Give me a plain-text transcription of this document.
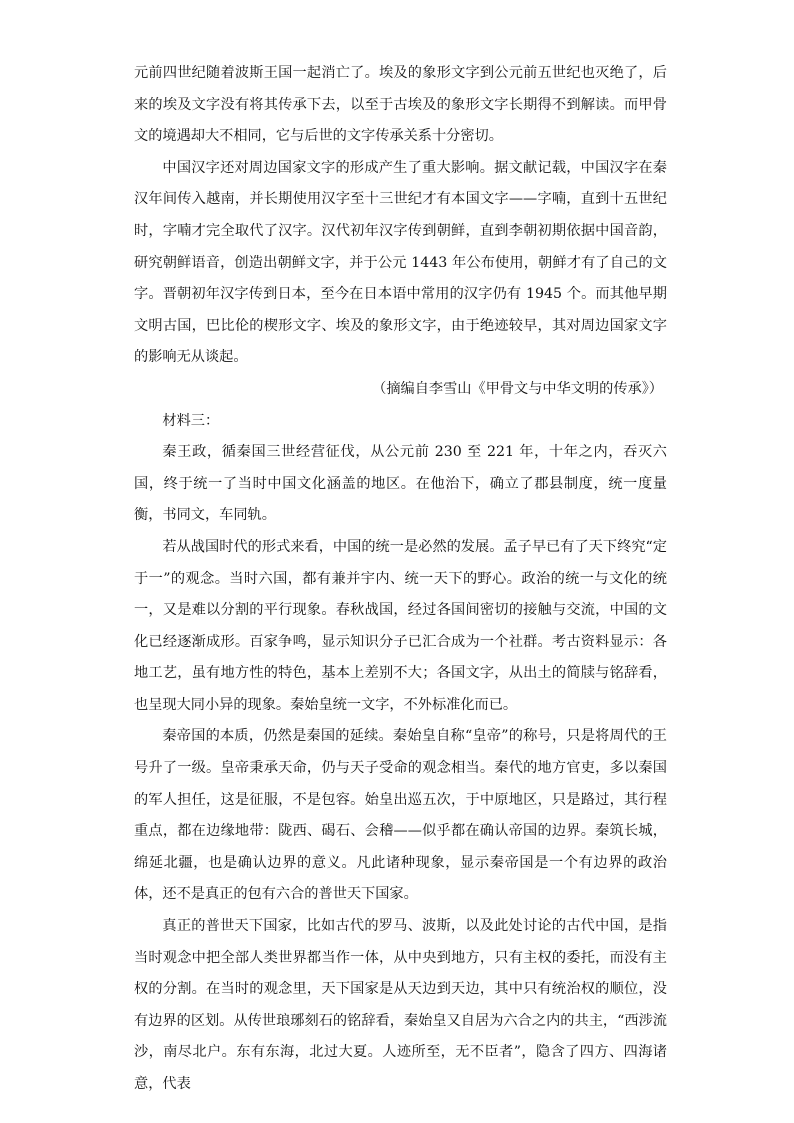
元前四世纪随着波斯王国一起消亡了。埃及的象形文字到公元前五世纪也灭绝了，后来的埃及文字没有将其传承下去，以至于古埃及的象形文字长期得不到解读。而甲骨文的境遇却大不相同，它与后世的文字传承关系十分密切。

中国汉字还对周边国家文字的形成产生了重大影响。据文献记载，中国汉字在秦汉年间传入越南，并长期使用汉字至十三世纪才有本国文字——字喃，直到十五世纪时，字喃才完全取代了汉字。汉代初年汉字传到朝鲜，直到李朝初期依据中国音韵，研究朝鲜语音，创造出朝鲜文字，并于公元 1443 年公布使用，朝鲜才有了自己的文字。晋朝初年汉字传到日本，至今在日本语中常用的汉字仍有 1945 个。而其他早期文明古国，巴比伦的楔形文字、埃及的象形文字，由于绝迹较早，其对周边国家文字的影响无从谈起。

（摘编自李雪山《甲骨文与中华文明的传承》）

材料三：

秦王政，循秦国三世经营征伐，从公元前 230 至 221 年，十年之内，吞灭六国，终于统一了当时中国文化涵盖的地区。在他治下，确立了郡县制度，统一度量衡，书同文，车同轨。

若从战国时代的形式来看，中国的统一是必然的发展。孟子早已有了天下终究“定于一”的观念。当时六国，都有兼并宇内、统一天下的野心。政治的统一与文化的统一，又是难以分割的平行现象。春秋战国，经过各国间密切的接触与交流，中国的文化已经逐渐成形。百家争鸣，显示知识分子已汇合成为一个社群。考古资料显示：各地工艺，虽有地方性的特色，基本上差别不大；各国文字，从出土的简牍与铭辞看，也呈现大同小异的现象。秦始皇统一文字，不外标准化而已。

秦帝国的本质，仍然是秦国的延续。秦始皇自称“皇帝”的称号，只是将周代的王号升了一级。皇帝秉承天命，仍与天子受命的观念相当。秦代的地方官吏，多以秦国的军人担任，这是征服，不是包容。始皇出巡五次，于中原地区，只是路过，其行程重点，都在边缘地带：陇西、碣石、会稽——似乎都在确认帝国的边界。秦筑长城，绵延北疆，也是确认边界的意义。凡此诸种现象，显示秦帝国是一个有边界的政治体，还不是真正的包有六合的普世天下国家。

真正的普世天下国家，比如古代的罗马、波斯，以及此处讨论的古代中国，是指当时观念中把全部人类世界都当作一体，从中央到地方，只有主权的委托，而没有主权的分割。在当时的观念里，天下国家是从天边到天边，其中只有统治权的顺位，没有边界的区划。从传世琅琊刻石的铭辞看，秦始皇又自居为六合之内的共主，“西涉流沙，南尽北户。东有东海，北过大夏。人迹所至，无不臣者”，隐含了四方、四海诸意，代表
